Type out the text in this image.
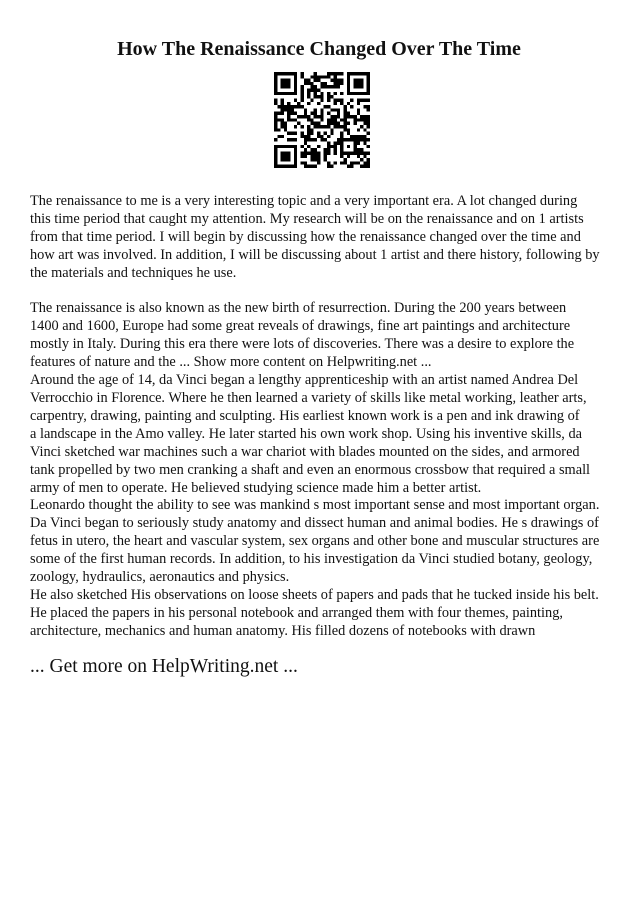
How The Renaissance Changed Over The Time

The renaissance to me is a very interesting topic and a very important era. A lot changed during
this time period that caught my attention. My research will be on the renaissance and on 1 artists
from that time period. I will begin by discussing how the renaissance changed over the time and
how art was involved. In addition, I will be discussing about 1 artist and there history, following by
the materials and techniques he use.

The renaissance is also known as the new birth of resurrection. During the 200 years between
1400 and 1600, Europe had some great reveals of drawings, fine art paintings and architecture
mostly in Italy. During this era there were lots of discoveries. There was a desire to explore the
features of nature and the ... Show more content on Helpwriting.net ...
Around the age of 14, da Vinci began a lengthy apprenticeship with an artist named Andrea Del
Verrocchio in Florence. Where he then learned a variety of skills like metal working, leather arts,
carpentry, drawing, painting and sculpting. His earliest known work is a pen and ink drawing of

a landscape in the Amo valley. He later started his own work shop. Using his inventive skills, da
Vinci sketched war machines such a war chariot with blades mounted on the sides, and armored
tank propelled by two men cranking a shaft and even an enormous crossbow that required a small
army of men to operate. He believed studying science made him a better artist.

Leonardo thought the ability to see was mankind s most important sense and most important organ.
Da Vinci began to seriously study anatomy and dissect human and animal bodies. He s drawings of
fetus in utero, the heart and vascular system, sex organs and other bone and muscular structures are
some of the first human records. In addition, to his investigation da Vinci studied botany, geology,
zoology, hydraulics, aeronautics and physics.

He also sketched His observations on loose sheets of papers and pads that he tucked inside his belt.
He placed the papers in his personal notebook and arranged them with four themes, painting,
architecture, mechanics and human anatomy. His filled dozens of notebooks with drawn

... Get more on HelpWriting.net ...
